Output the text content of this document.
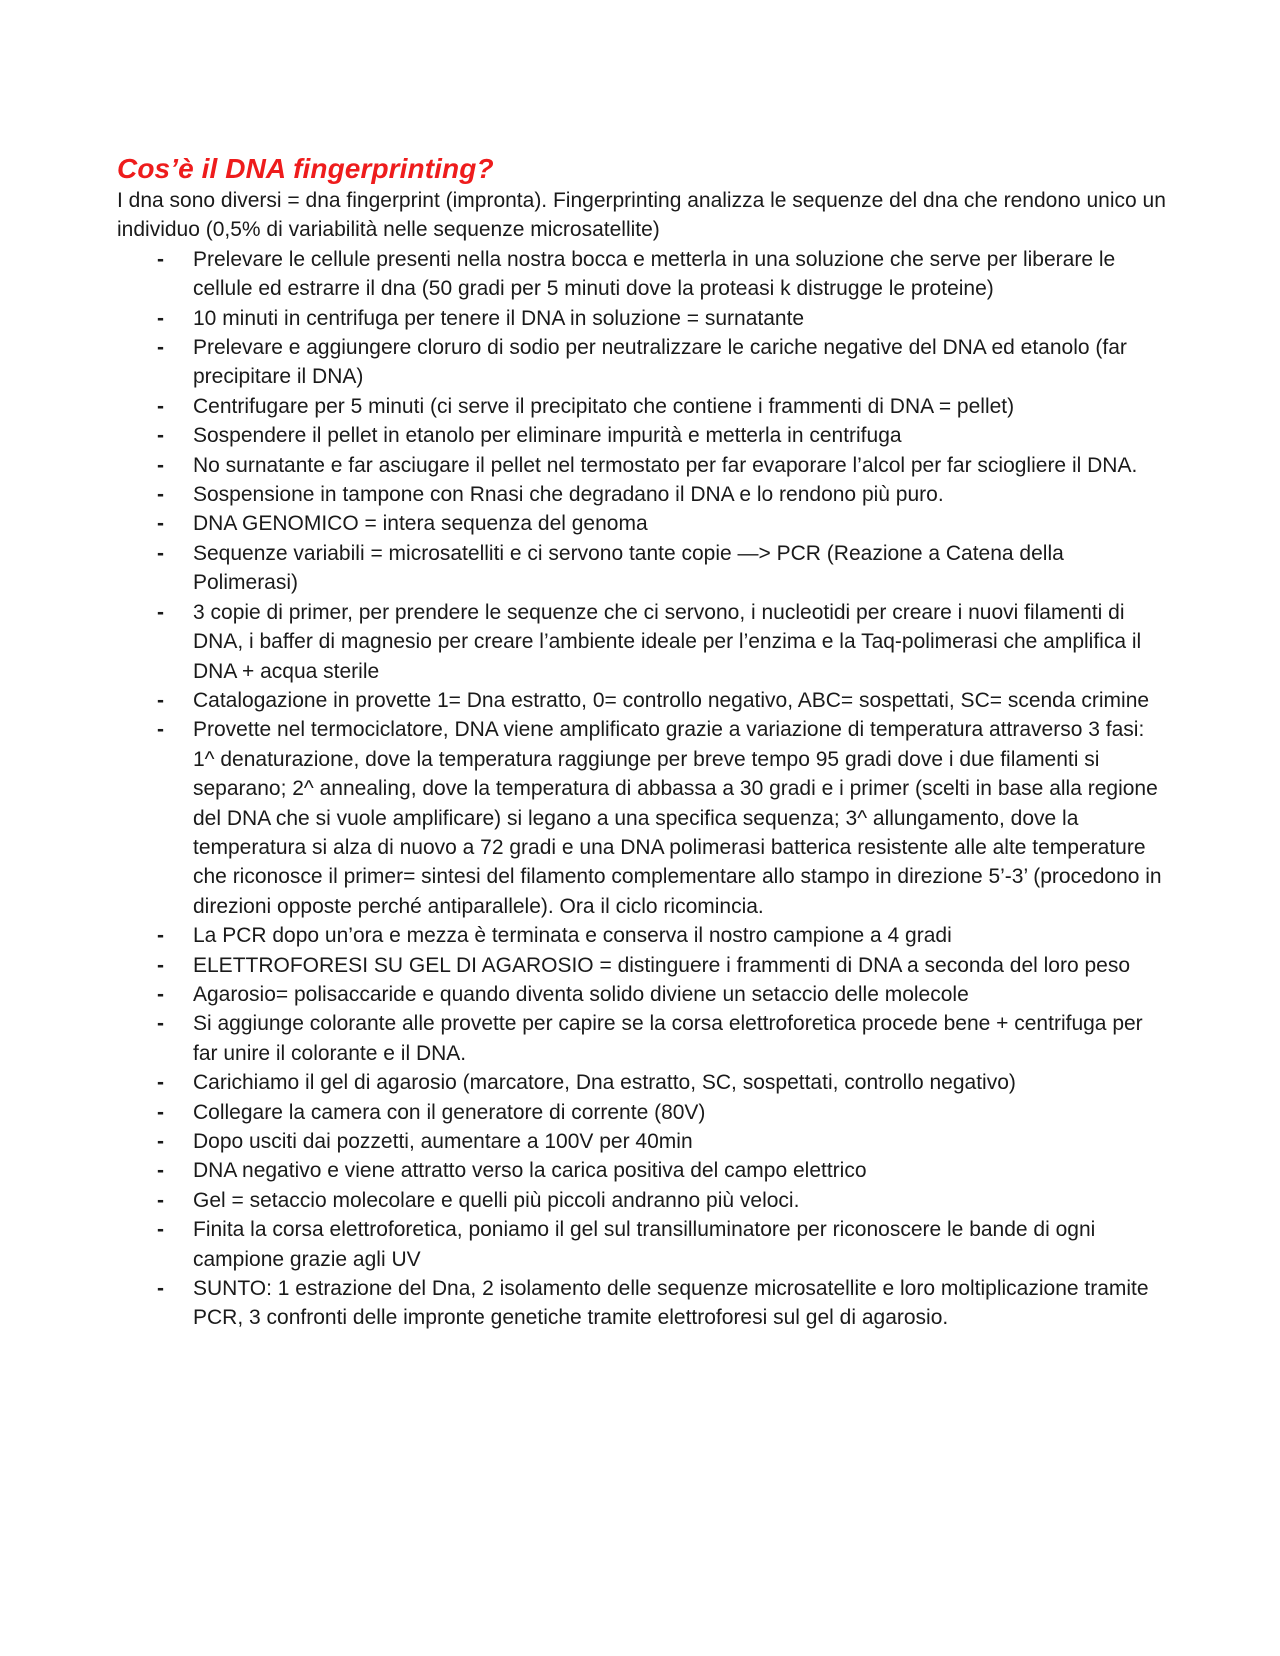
Cos’è il DNA fingerprinting?

I dna sono diversi = dna fingerprint (impronta). Fingerprinting analizza le sequenze del dna che rendono unico un individuo (0,5% di variabilità nelle sequenze microsatellite)

-	Prelevare le cellule presenti nella nostra bocca e metterla in una soluzione che serve per liberare le cellule ed estrarre il dna (50 gradi per 5 minuti dove la proteasi k distrugge le proteine)
-	10 minuti in centrifuga per tenere il DNA in soluzione = surnatante
-	Prelevare e aggiungere cloruro di sodio per neutralizzare le cariche negative del DNA ed etanolo (far precipitare il DNA)
-	Centrifugare per 5 minuti (ci serve il precipitato che contiene i frammenti di DNA = pellet)
-	Sospendere il pellet in etanolo per eliminare impurità e metterla in centrifuga
-	No surnatante e far asciugare il pellet nel termostato per far evaporare l’alcol per far sciogliere il DNA.
-	Sospensione in tampone con Rnasi che degradano il DNA e lo rendono più puro.
-	DNA GENOMICO = intera sequenza del genoma
-	Sequenze variabili = microsatelliti e ci servono tante copie —> PCR (Reazione a Catena della Polimerasi)
-	3 copie di primer, per prendere le sequenze che ci servono, i nucleotidi per creare i nuovi filamenti di DNA, i baffer di magnesio per creare l’ambiente ideale per l’enzima e la Taq-polimerasi che amplifica il DNA + acqua sterile
-	Catalogazione in provette 1= Dna estratto, 0= controllo negativo, ABC= sospettati, SC= scenda crimine
-	Provette nel termociclatore, DNA viene amplificato grazie a variazione di temperatura attraverso 3 fasi: 1^ denaturazione, dove la temperatura raggiunge per breve tempo 95 gradi dove i due filamenti si separano; 2^ annealing, dove la temperatura di abbassa a 30 gradi e i primer (scelti in base alla regione del DNA che si vuole amplificare) si legano a una specifica sequenza; 3^ allungamento, dove la temperatura si alza di nuovo a 72 gradi e una DNA polimerasi batterica resistente alle alte temperature che riconosce il primer= sintesi del filamento complementare allo stampo in direzione 5’-3’ (procedono in direzioni opposte perché antiparallele). Ora il ciclo ricomincia.
-	La PCR dopo un’ora e mezza è terminata e conserva il nostro campione a 4 gradi
-	ELETTROFORESI SU GEL DI AGAROSIO = distinguere i frammenti di DNA a seconda del loro peso
-	Agarosio= polisaccaride e quando diventa solido diviene un setaccio delle molecole
-	Si aggiunge colorante alle provette per capire se la corsa elettroforetica procede bene + centrifuga per far unire il colorante e il DNA.
-	Carichiamo il gel di agarosio (marcatore, Dna estratto, SC, sospettati, controllo negativo)
-	Collegare la camera con il generatore di corrente (80V)
-	Dopo usciti dai pozzetti, aumentare a 100V per 40min
-	DNA negativo e viene attratto verso la carica positiva del campo elettrico
-	Gel = setaccio molecolare e quelli più piccoli andranno più veloci.
-	Finita la corsa elettroforetica, poniamo il gel sul transilluminatore per riconoscere le bande di ogni campione grazie agli UV
-	SUNTO: 1 estrazione del Dna, 2 isolamento delle sequenze microsatellite e loro moltiplicazione tramite PCR, 3 confronti delle impronte genetiche tramite elettroforesi sul gel di agarosio.
